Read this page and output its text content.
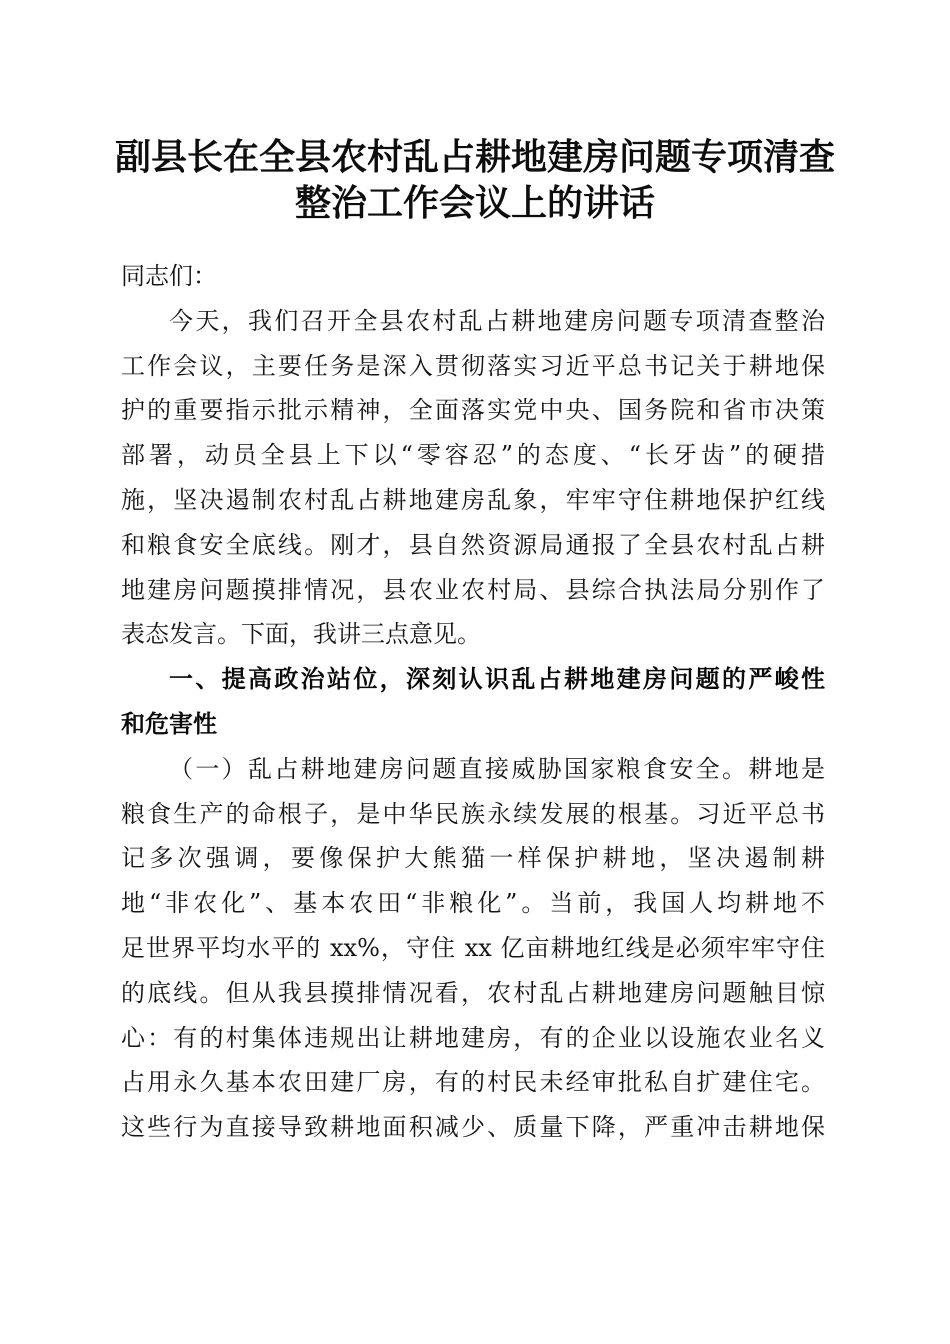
副县长在全县农村乱占耕地建房问题专项清查
整治工作会议上的讲话
同志们：
今天，我们召开全县农村乱占耕地建房问题专项清查整治
工作会议，主要任务是深入贯彻落实习近平总书记关于耕地保
护的重要指示批示精神，全面落实党中央、国务院和省市决策
部署，动员全县上下以“零容忍”的态度、“长牙齿”的硬措
施，坚决遏制农村乱占耕地建房乱象，牢牢守住耕地保护红线
和粮食安全底线。刚才，县自然资源局通报了全县农村乱占耕
地建房问题摸排情况，县农业农村局、县综合执法局分别作了
表态发言。下面，我讲三点意见。
一、提高政治站位，深刻认识乱占耕地建房问题的严峻性
和危害性
（一）乱占耕地建房问题直接威胁国家粮食安全。耕地是
粮食生产的命根子，是中华民族永续发展的根基。习近平总书
记多次强调，要像保护大熊猫一样保护耕地，坚决遏制耕
地“非农化”、基本农田“非粮化”。当前，我国人均耕地不
足世界平均水平的 xx%，守住 xx 亿亩耕地红线是必须牢牢守住
的底线。但从我县摸排情况看，农村乱占耕地建房问题触目惊
心：有的村集体违规出让耕地建房，有的企业以设施农业名义
占用永久基本农田建厂房，有的村民未经审批私自扩建住宅。
这些行为直接导致耕地面积减少、质量下降，严重冲击耕地保
